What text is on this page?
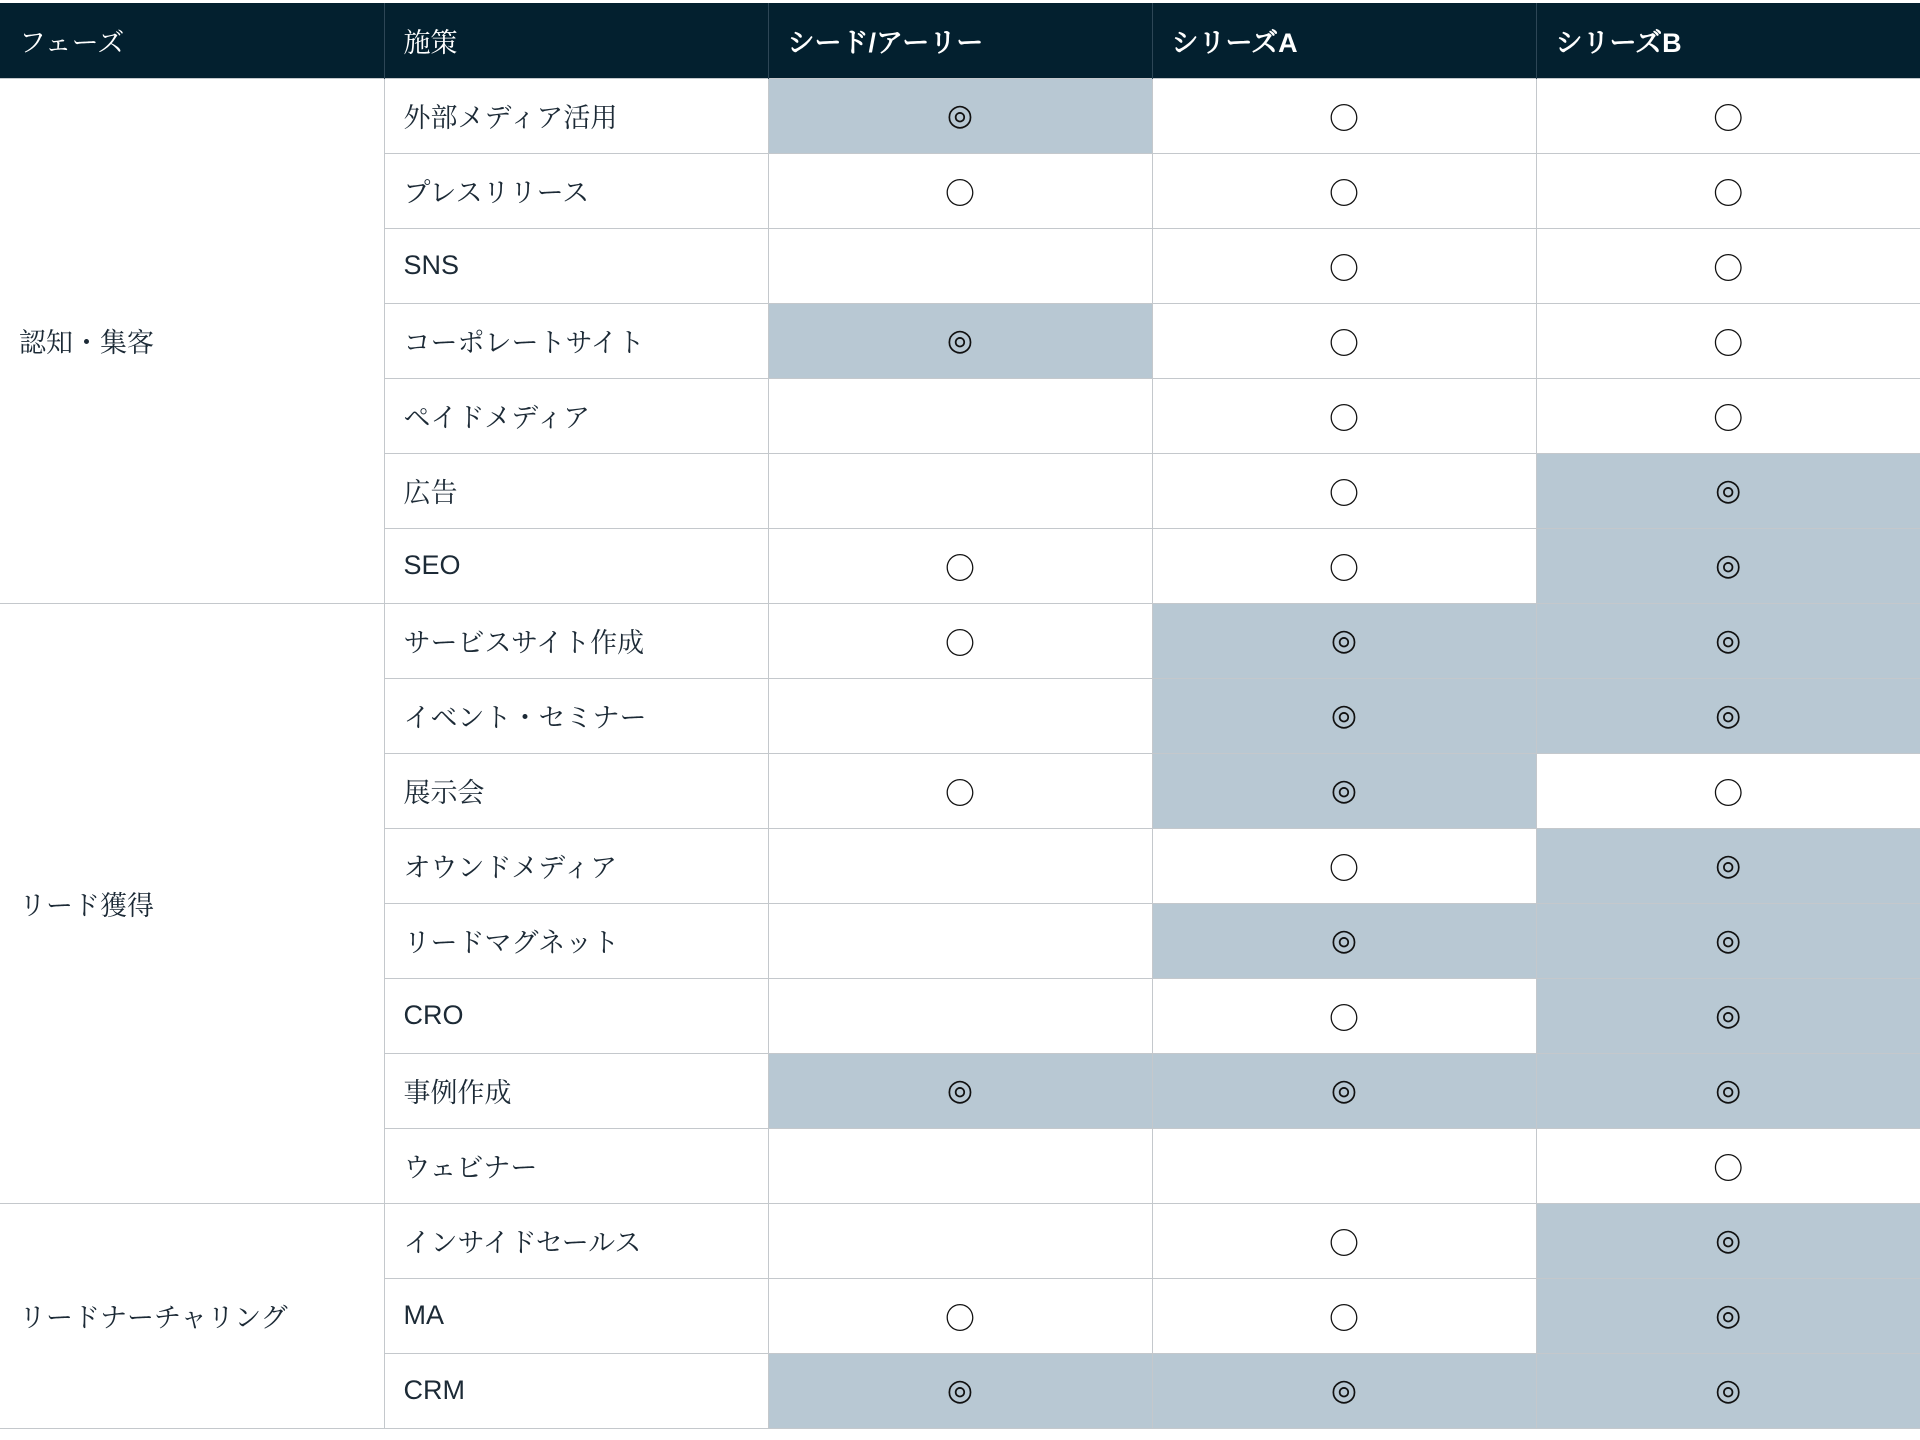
フェーズ	施策	シード/アーリー	シリーズA	シリーズB
認知・集客	外部メディア活用	◎	〇	〇
	プレスリリース	〇	〇	〇
	SNS		〇	〇
	コーポレートサイト	◎	〇	〇
	ペイドメディア		〇	〇
	広告		〇	◎
	SEO	〇	〇	◎
リード獲得	サービスサイト作成	〇	◎	◎
	イベント・セミナー		◎	◎
	展示会	〇	◎	〇
	オウンドメディア		〇	◎
	リードマグネット		◎	◎
	CRO		〇	◎
	事例作成	◎	◎	◎
	ウェビナー			〇
リードナーチャリング	インサイドセールス		〇	◎
	MA	〇	〇	◎
	CRM	◎	◎	◎
